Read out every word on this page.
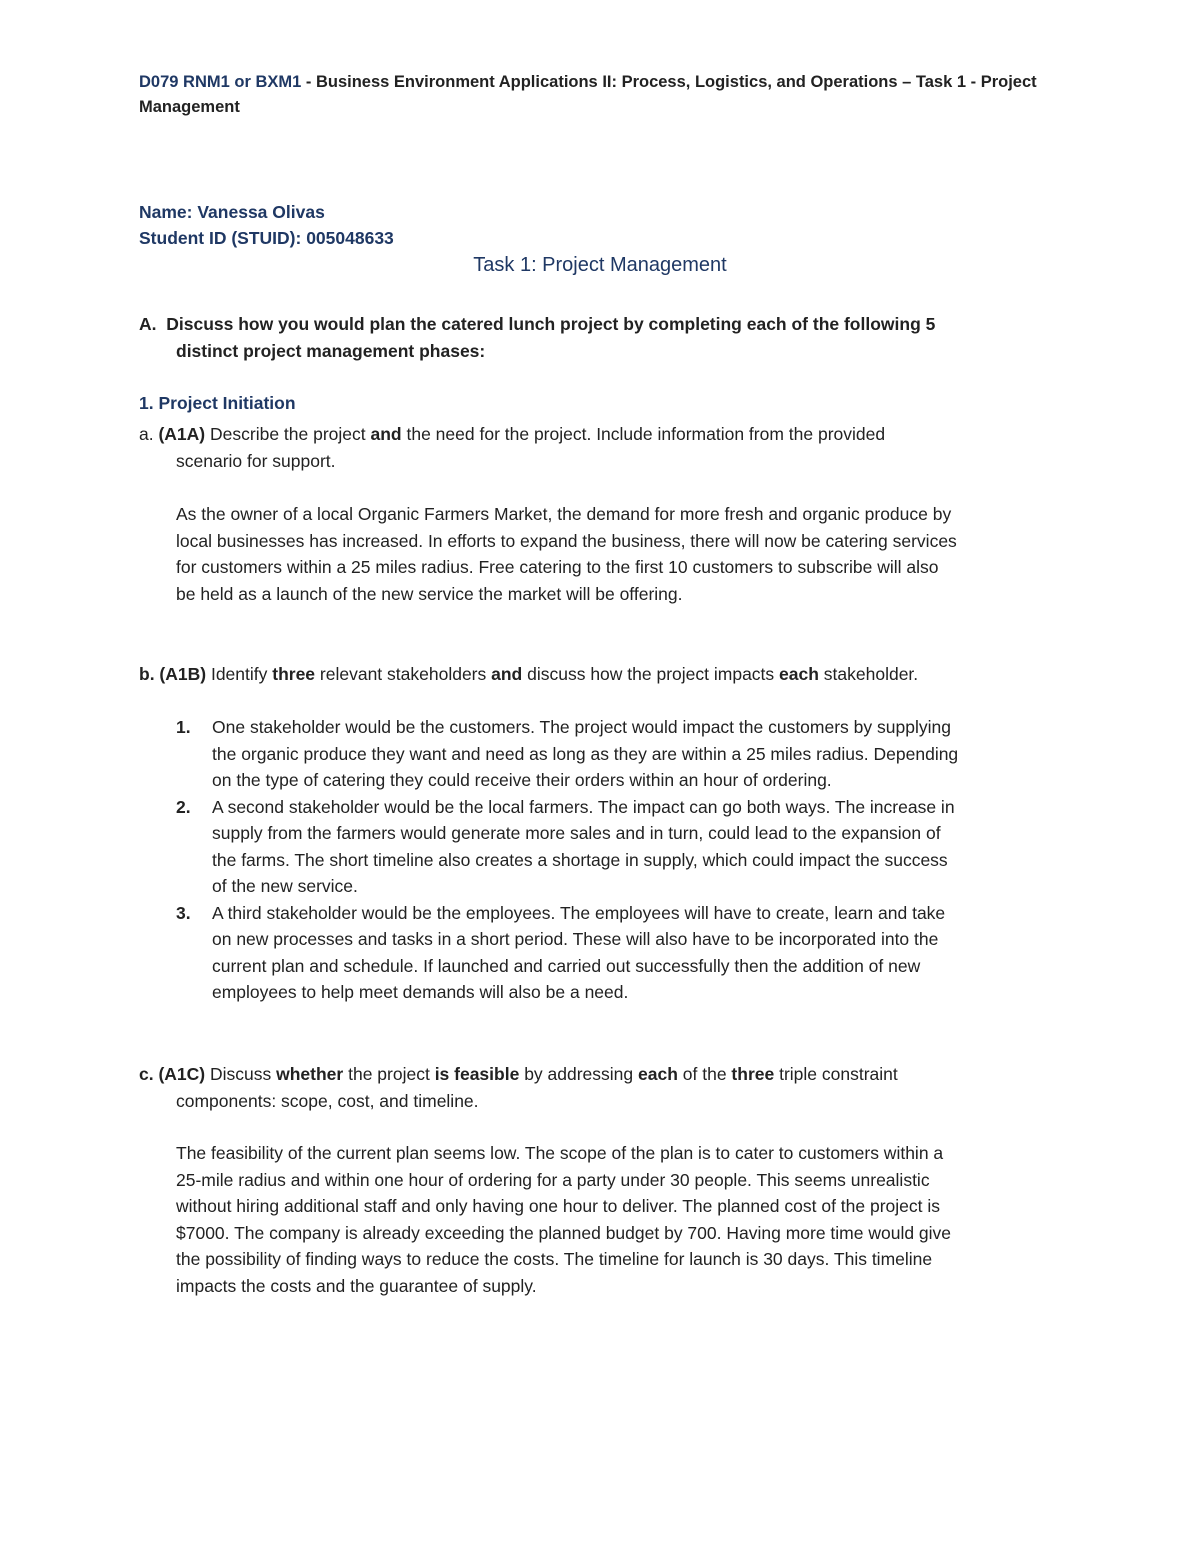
D079 RNM1 or BXM1 - Business Environment Applications II: Process, Logistics, and Operations – Task 1 - Project
Management
Name: Vanessa Olivas
Student ID (STUID): 005048633
Task 1: Project Management
A. Discuss how you would plan the catered lunch project by completing each of the following 5
distinct project management phases:
1. Project Initiation
a. (A1A) Describe the project and the need for the project. Include information from the provided
scenario for support.
As the owner of a local Organic Farmers Market, the demand for more fresh and organic produce by
local businesses has increased. In efforts to expand the business, there will now be catering services
for customers within a 25 miles radius. Free catering to the first 10 customers to subscribe will also
be held as a launch of the new service the market will be offering.
b. (A1B) Identify three relevant stakeholders and discuss how the project impacts each stakeholder.
1. One stakeholder would be the customers. The project would impact the customers by supplying
the organic produce they want and need as long as they are within a 25 miles radius. Depending
on the type of catering they could receive their orders within an hour of ordering.
2. A second stakeholder would be the local farmers. The impact can go both ways. The increase in
supply from the farmers would generate more sales and in turn, could lead to the expansion of
the farms. The short timeline also creates a shortage in supply, which could impact the success
of the new service.
3. A third stakeholder would be the employees. The employees will have to create, learn and take
on new processes and tasks in a short period. These will also have to be incorporated into the
current plan and schedule. If launched and carried out successfully then the addition of new
employees to help meet demands will also be a need.
c. (A1C) Discuss whether the project is feasible by addressing each of the three triple constraint
components: scope, cost, and timeline.
The feasibility of the current plan seems low. The scope of the plan is to cater to customers within a
25-mile radius and within one hour of ordering for a party under 30 people. This seems unrealistic
without hiring additional staff and only having one hour to deliver. The planned cost of the project is
$7000. The company is already exceeding the planned budget by 700. Having more time would give
the possibility of finding ways to reduce the costs. The timeline for launch is 30 days. This timeline
impacts the costs and the guarantee of supply.
